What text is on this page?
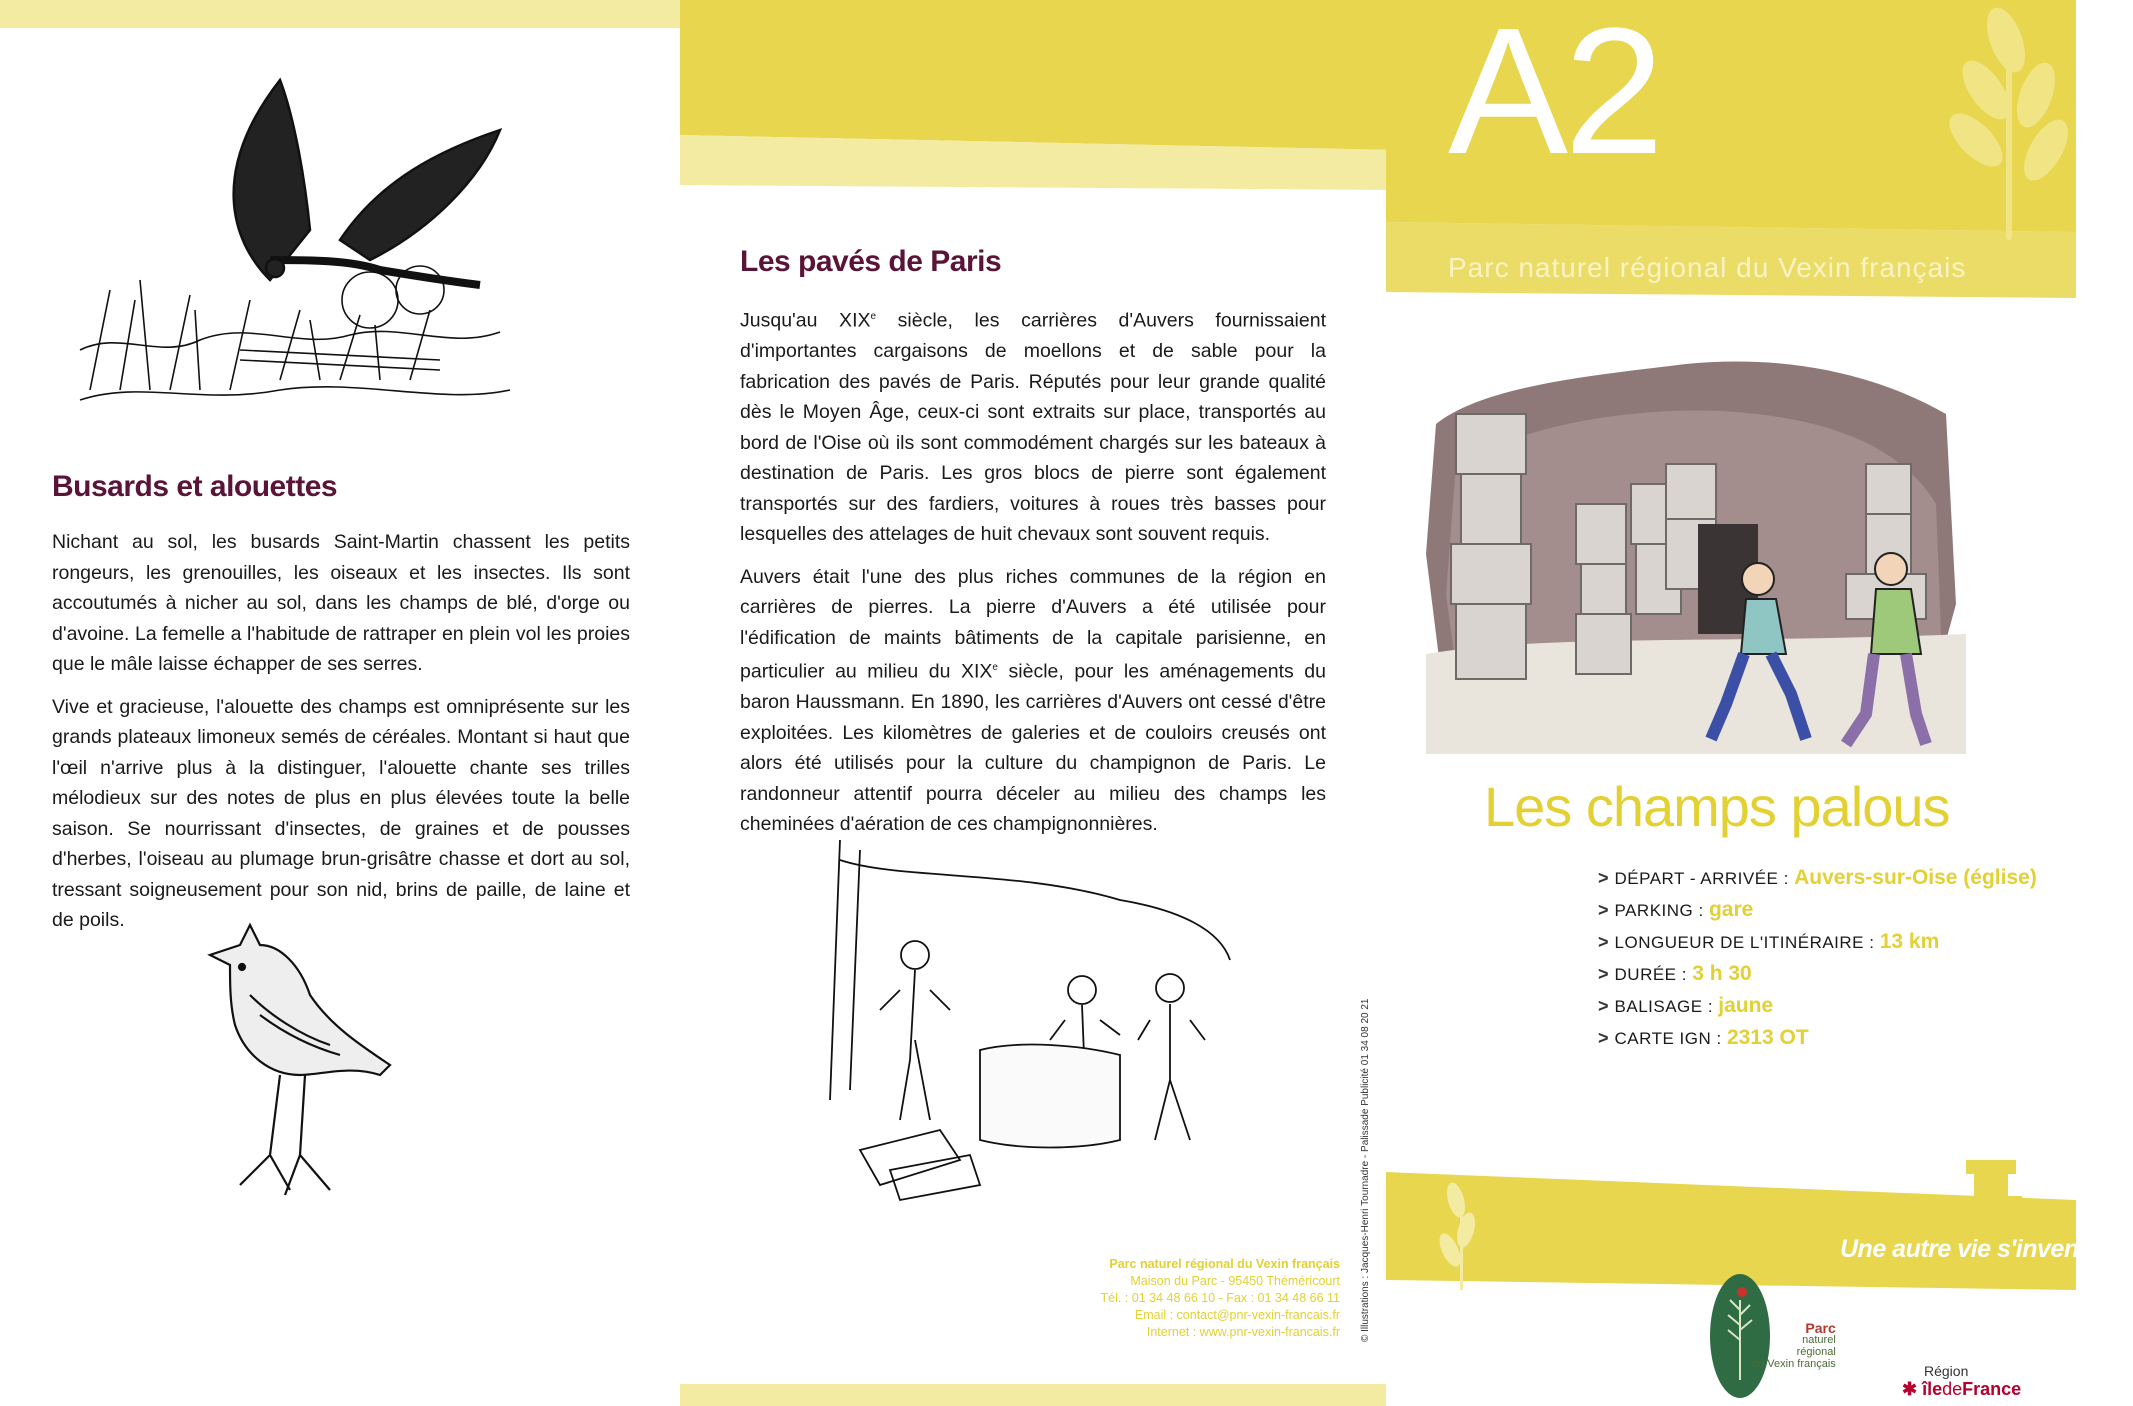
Busards et alouettes

Nichant au sol, les busards Saint-Martin chassent les petits rongeurs, les grenouilles, les oiseaux et les insectes. Ils sont accoutumés à nicher au sol, dans les champs de blé, d'orge ou d'avoine. La femelle a l'habitude de rattraper en plein vol les proies que le mâle laisse échapper de ses serres.

Vive et gracieuse, l'alouette des champs est omniprésente sur les grands plateaux limoneux semés de céréales. Montant si haut que l'œil n'arrive plus à la distinguer, l'alouette chante ses trilles mélodieux sur des notes de plus en plus élevées toute la belle saison. Se nourrissant d'insectes, de graines et de pousses d'herbes, l'oiseau au plumage brun-grisâtre chasse et dort au sol, tressant soigneusement pour son nid, brins de paille, de laine et de poils.

Les pavés de Paris

Jusqu'au XIXe siècle, les carrières d'Auvers fournissaient d'importantes cargaisons de moellons et de sable pour la fabrication des pavés de Paris. Réputés pour leur grande qualité dès le Moyen Âge, ceux-ci sont extraits sur place, transportés au bord de l'Oise où ils sont commodément chargés sur les bateaux à destination de Paris. Les gros blocs de pierre sont également transportés sur des fardiers, voitures à roues très basses pour lesquelles des attelages de huit chevaux sont souvent requis.

Auvers était l'une des plus riches communes de la région en carrières de pierres. La pierre d'Auvers a été utilisée pour l'édification de maints bâtiments de la capitale parisienne, en particulier au milieu du XIXe siècle, pour les aménagements du baron Haussmann. En 1890, les carrières d'Auvers ont cessé d'être exploitées. Les kilomètres de galeries et de couloirs creusés ont alors été utilisés pour la culture du champignon de Paris. Le randonneur attentif pourra déceler au milieu des champs les cheminées d'aération de ces champignonnières.

Parc naturel régional du Vexin français
Maison du Parc - 95450 Théméricourt
Tél. : 01 34 48 66 10 - Fax : 01 34 48 66 11
Email : contact@pnr-vexin-francais.fr
Internet : www.pnr-vexin-francais.fr © Illustrations : Jacques-Henri Tournadre - Palissade Publicité 01 34 08 20 21
A2
Parc naturel régional du Vexin français
Les champs palous
> DÉPART - ARRIVÉE : Auvers-sur-Oise (église)
> PARKING : gare
> LONGUEUR DE L'ITINÉRAIRE : 13 km
> DURÉE : 3 h 30
> BALISAGE : jaune
> CARTE IGN : 2313 OT
Une autre vie s'invente ici
Parc
naturel
régional
du Vexin français	Région
✱ îledeFrance
